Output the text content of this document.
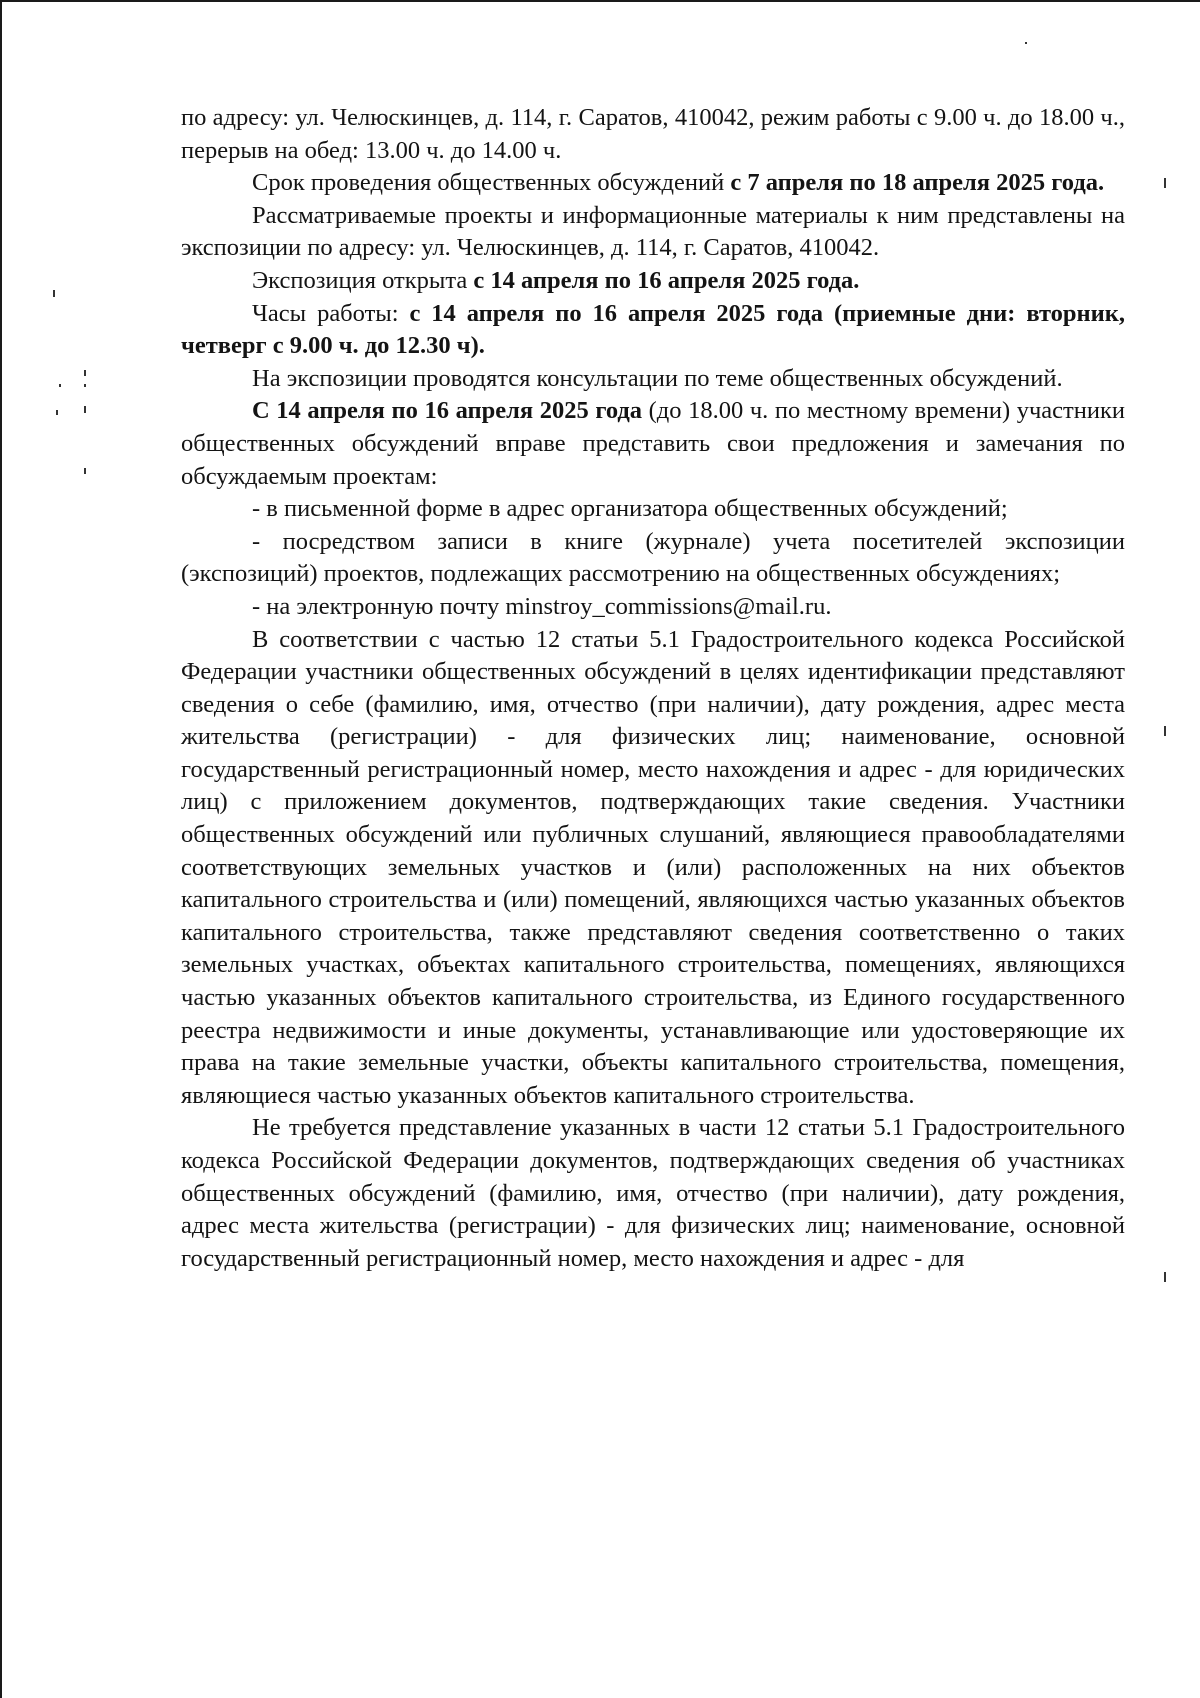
по адресу: ул. Челюскинцев, д. 114, г. Саратов, 410042, режим работы с 9.00 ч. до 18.00 ч., перерыв на обед: 13.00 ч. до 14.00 ч.

Срок проведения общественных обсуждений с 7 апреля по 18 апреля 2025 года.

Рассматриваемые проекты и информационные материалы к ним представлены на экспозиции по адресу: ул. Челюскинцев, д. 114, г. Саратов, 410042.

Экспозиция открыта с 14 апреля по 16 апреля 2025 года.

Часы работы: с 14 апреля по 16 апреля 2025 года (приемные дни: вторник, четверг с 9.00 ч. до 12.30 ч).

На экспозиции проводятся консультации по теме общественных обсуждений.

С 14 апреля по 16 апреля 2025 года (до 18.00 ч. по местному времени) участники общественных обсуждений вправе представить свои предложения и замечания по обсуждаемым проектам:

- в письменной форме в адрес организатора общественных обсуждений;

- посредством записи в книге (журнале) учета посетителей экспозиции (экспозиций) проектов, подлежащих рассмотрению на общественных обсуждениях;

- на электронную почту minstroy_commissions@mail.ru.

В соответствии с частью 12 статьи 5.1 Градостроительного кодекса Российской Федерации участники общественных обсуждений в целях идентификации представляют сведения о себе (фамилию, имя, отчество (при наличии), дату рождения, адрес места жительства (регистрации) - для физических лиц; наименование, основной государственный регистрационный номер, место нахождения и адрес - для юридических лиц) с приложением документов, подтверждающих такие сведения. Участники общественных обсуждений или публичных слушаний, являющиеся правообладателями соответствующих земельных участков и (или) расположенных на них объектов капитального строительства и (или) помещений, являющихся частью указанных объектов капитального строительства, также представляют сведения соответственно о таких земельных участках, объектах капитального строительства, помещениях, являющихся частью указанных объектов капитального строительства, из Единого государственного реестра недвижимости и иные документы, устанавливающие или удостоверяющие их права на такие земельные участки, объекты капитального строительства, помещения, являющиеся частью указанных объектов капитального строительства.

Не требуется представление указанных в части 12 статьи 5.1 Градостроительного кодекса Российской Федерации документов, подтверждающих сведения об участниках общественных обсуждений (фамилию, имя, отчество (при наличии), дату рождения, адрес места жительства (регистрации) - для физических лиц; наименование, основной государственный регистрационный номер, место нахождения и адрес - для
